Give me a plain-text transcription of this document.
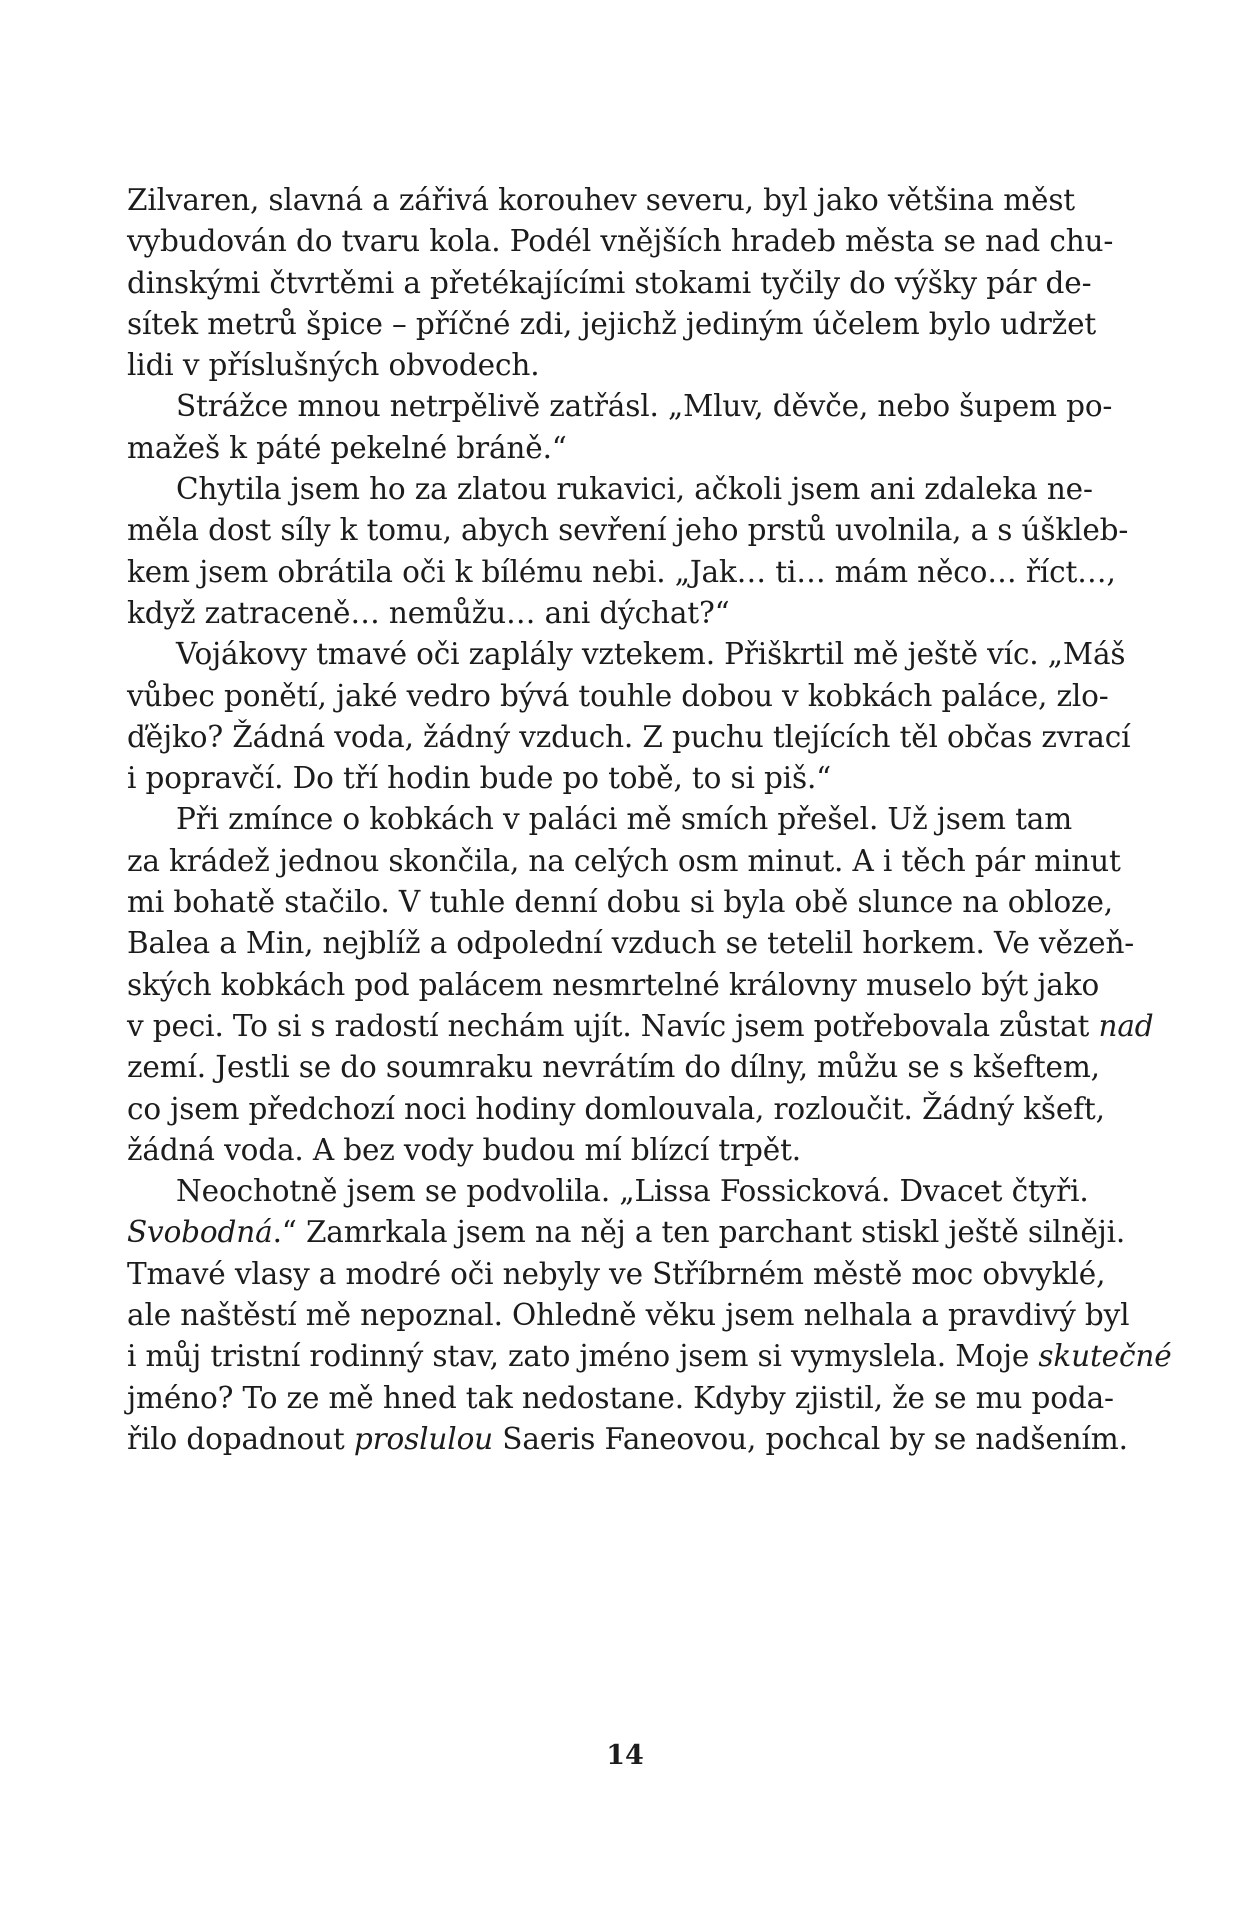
Zilvaren, slavná a zářivá korouhev severu, byl jako většina měst
vybudován do tvaru kola. Podél vnějších hradeb města se nad chu-
dinskými čtvrtěmi a přetékajícími stokami tyčily do výšky pár de-
sítek metrů špice – příčné zdi, jejichž jediným účelem bylo udržet
lidi v příslušných obvodech.
Strážce mnou netrpělivě zatřásl. „Mluv, děvče, nebo šupem po-
mažeš k páté pekelné bráně.“
Chytila jsem ho za zlatou rukavici, ačkoli jsem ani zdaleka ne-
měla dost síly k tomu, abych sevření jeho prstů uvolnila, a s úškleb-
kem jsem obrátila oči k bílému nebi. „Jak… ti… mám něco… říct…,
když zatraceně… nemůžu… ani dýchat?“
Vojákovy tmavé oči zaplály vztekem. Přiškrtil mě ještě víc. „Máš
vůbec ponětí, jaké vedro bývá touhle dobou v kobkách paláce, zlo-
ďějko? Žádná voda, žádný vzduch. Z puchu tlejících těl občas zvrací
i popravčí. Do tří hodin bude po tobě, to si piš.“
Při zmínce o kobkách v paláci mě smích přešel. Už jsem tam
za krádež jednou skončila, na celých osm minut. A i těch pár minut
mi bohatě stačilo. V tuhle denní dobu si byla obě slunce na obloze,
Balea a Min, nejblíž a odpolední vzduch se tetelil horkem. Ve vězeň-
ských kobkách pod palácem nesmrtelné královny muselo být jako
v peci. To si s radostí nechám ujít. Navíc jsem potřebovala zůstat nad
zemí. Jestli se do soumraku nevrátím do dílny, můžu se s kšeftem,
co jsem předchozí noci hodiny domlouvala, rozloučit. Žádný kšeft,
žádná voda. A bez vody budou mí blízcí trpět.
Neochotně jsem se podvolila. „Lissa Fossicková. Dvacet čtyři.
Svobodná.“ Zamrkala jsem na něj a ten parchant stiskl ještě silněji.
Tmavé vlasy a modré oči nebyly ve Stříbrném městě moc obvyklé,
ale naštěstí mě nepoznal. Ohledně věku jsem nelhala a pravdivý byl
i můj tristní rodinný stav, zato jméno jsem si vymyslela. Moje skutečné
jméno? To ze mě hned tak nedostane. Kdyby zjistil, že se mu poda-
řilo dopadnout proslulou Saeris Faneovou, pochcal by se nadšením.
14
